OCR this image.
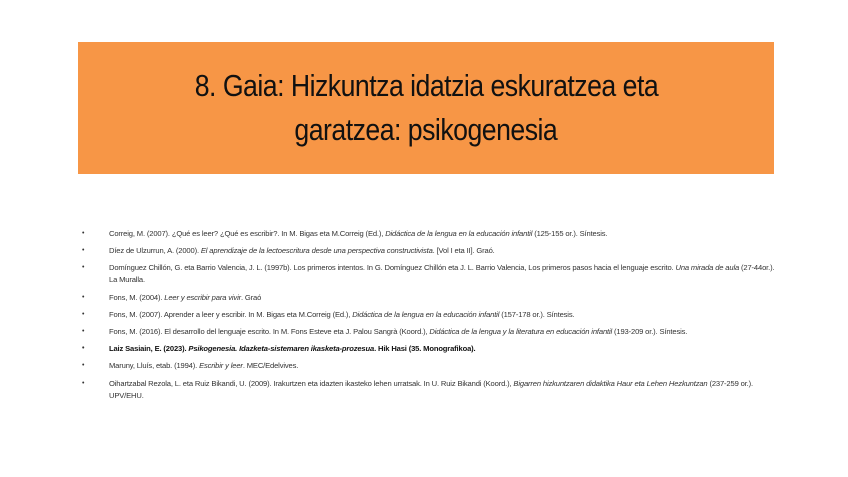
8. Gaia: Hizkuntza idatzia eskuratzea eta
garatzea: psikogenesia
•	Correig, M. (2007). ¿Qué es leer? ¿Qué es escribir?. In M. Bigas eta M.Correig (Ed.), Didáctica de la lengua en la educación infantil (125-155 or.). Síntesis.
•	Díez de Ulzurrun, A. (2000). El aprendizaje de la lectoescritura desde una perspectiva constructivista. [Vol I eta II]. Graó.
•	Domínguez Chillón, G. eta Barrio Valencia, J. L. (1997b). Los primeros intentos. In G. Domínguez Chillón eta J. L. Barrio Valencia, Los primeros pasos hacia el lenguaje escrito. Una mirada de aula (27-44or.). La Muralla.
•	Fons, M. (2004). Leer y escribir para vivir. Graó
•	Fons, M. (2007). Aprender a leer y escribir. In M. Bigas eta M.Correig (Ed.), Didáctica de la lengua en la educación infantil (157-178 or.). Síntesis.
•	Fons, M. (2016). El desarrollo del lenguaje escrito. In M. Fons Esteve eta J. Palou Sangrà (Koord.), Didáctica de la lengua y la literatura en educación infantil (193-209 or.). Síntesis.
•	Laiz Sasiain, E. (2023). Psikogenesia. Idazketa-sistemaren ikasketa-prozesua. Hik Hasi (35. Monografikoa).
•	Maruny, Lluís, etab. (1994). Escribir y leer. MEC/Edelvives.
•	Oihartzabal Rezola, L. eta Ruiz Bikandi, U. (2009). Irakurtzen eta idazten ikasteko lehen urratsak. In U. Ruiz Bikandi (Koord.), Bigarren hizkuntzaren didaktika Haur eta Lehen Hezkuntzan (237-259 or.). UPV/EHU.
